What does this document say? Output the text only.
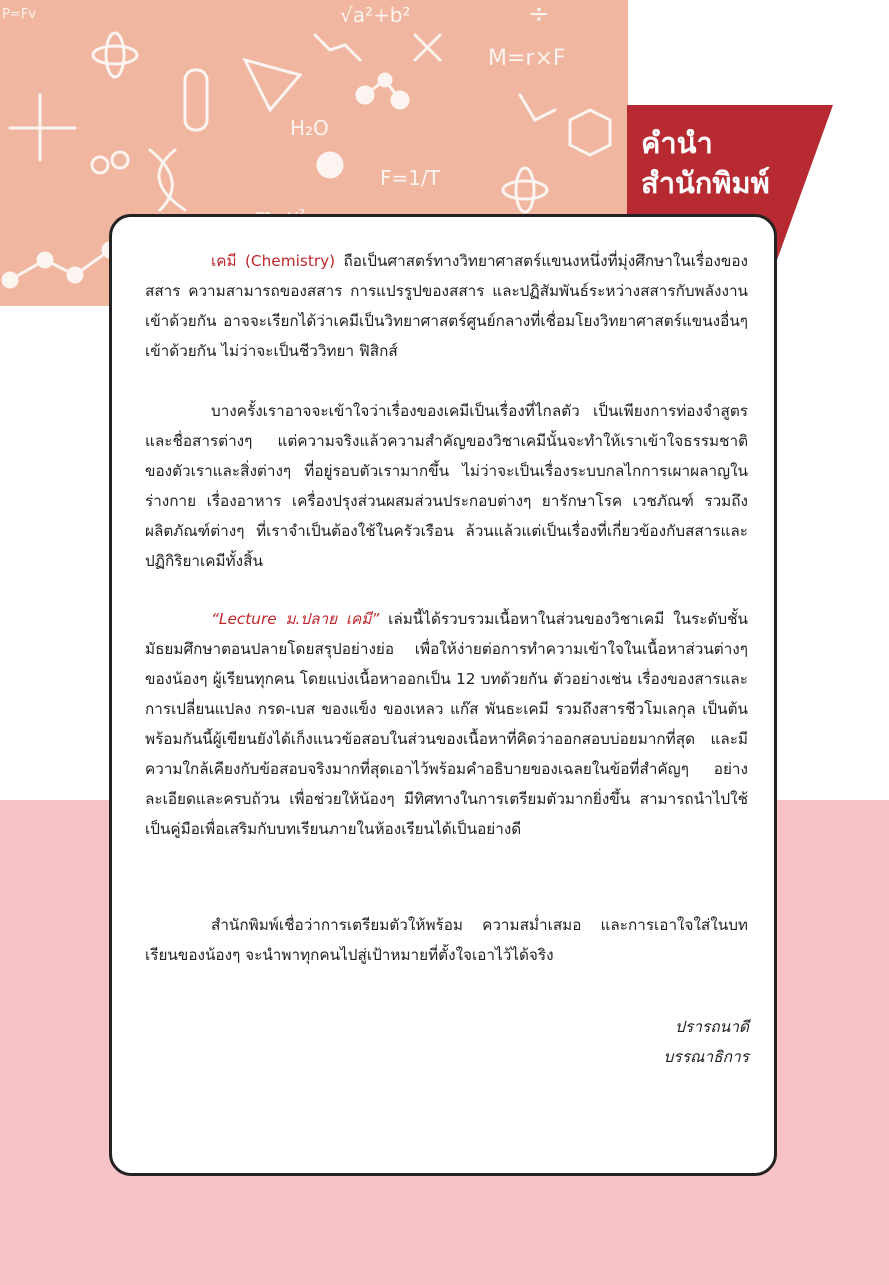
√a²+b²
M=r×F
H₂O
F=1/T
÷
P=Fv
คำนำ
สำนักพิมพ์

เคมี (Chemistry) ถือเป็นศาสตร์ทางวิทยาศาสตร์แขนงหนึ่งที่มุ่งศึกษาในเรื่องของสสาร ความสามารถของสสาร การแปรรูปของสสาร และปฏิสัมพันธ์ระหว่างสสารกับพลังงานเข้าด้วยกัน อาจจะเรียกได้ว่าเคมีเป็นวิทยาศาสตร์ศูนย์กลางที่เชื่อมโยงวิทยาศาสตร์แขนงอื่นๆ เข้าด้วยกัน ไม่ว่าจะเป็นชีววิทยา ฟิสิกส์

บางครั้งเราอาจจะเข้าใจว่าเรื่องของเคมีเป็นเรื่องที่ไกลตัว เป็นเพียงการท่องจำสูตรและชื่อสารต่างๆ แต่ความจริงแล้วความสำคัญของวิชาเคมีนั้นจะทำให้เราเข้าใจธรรมชาติของตัวเราและสิ่งต่างๆ ที่อยู่รอบตัวเรามากขึ้น ไม่ว่าจะเป็นเรื่องระบบกลไกการเผาผลาญในร่างกาย เรื่องอาหาร เครื่องปรุงส่วนผสมส่วนประกอบต่างๆ ยารักษาโรค เวชภัณฑ์ รวมถึงผลิตภัณฑ์ต่างๆ ที่เราจำเป็นต้องใช้ในครัวเรือน ล้วนแล้วแต่เป็นเรื่องที่เกี่ยวข้องกับสสารและปฏิกิริยาเคมีทั้งสิ้น

“Lecture ม.ปลาย เคมี” เล่มนี้ได้รวบรวมเนื้อหาในส่วนของวิชาเคมี ในระดับชั้นมัธยมศึกษาตอนปลายโดยสรุปอย่างย่อ เพื่อให้ง่ายต่อการทำความเข้าใจในเนื้อหาส่วนต่างๆ ของน้องๆ ผู้เรียนทุกคน โดยแบ่งเนื้อหาออกเป็น 12 บทด้วยกัน ตัวอย่างเช่น เรื่องของสารและการเปลี่ยนแปลง กรด-เบส ของแข็ง ของเหลว แก๊ส พันธะเคมี รวมถึงสารชีวโมเลกุล เป็นต้น พร้อมกันนี้ผู้เขียนยังได้เก็งแนวข้อสอบในส่วนของเนื้อหาที่คิดว่าออกสอบบ่อยมากที่สุด และมีความใกล้เคียงกับข้อสอบจริงมากที่สุดเอาไว้พร้อมคำอธิบายของเฉลยในข้อที่สำคัญๆ อย่างละเอียดและครบถ้วน เพื่อช่วยให้น้องๆ มีทิศทางในการเตรียมตัวมากยิ่งขึ้น สามารถนำไปใช้เป็นคู่มือเพื่อเสริมกับบทเรียนภายในห้องเรียนได้เป็นอย่างดี

สำนักพิมพ์เชื่อว่าการเตรียมตัวให้พร้อม ความสม่ำเสมอ และการเอาใจใส่ในบทเรียนของน้องๆ จะนำพาทุกคนไปสู่เป้าหมายที่ตั้งใจเอาไว้ได้จริง

ปรารถนาดี
บรรณาธิการ
